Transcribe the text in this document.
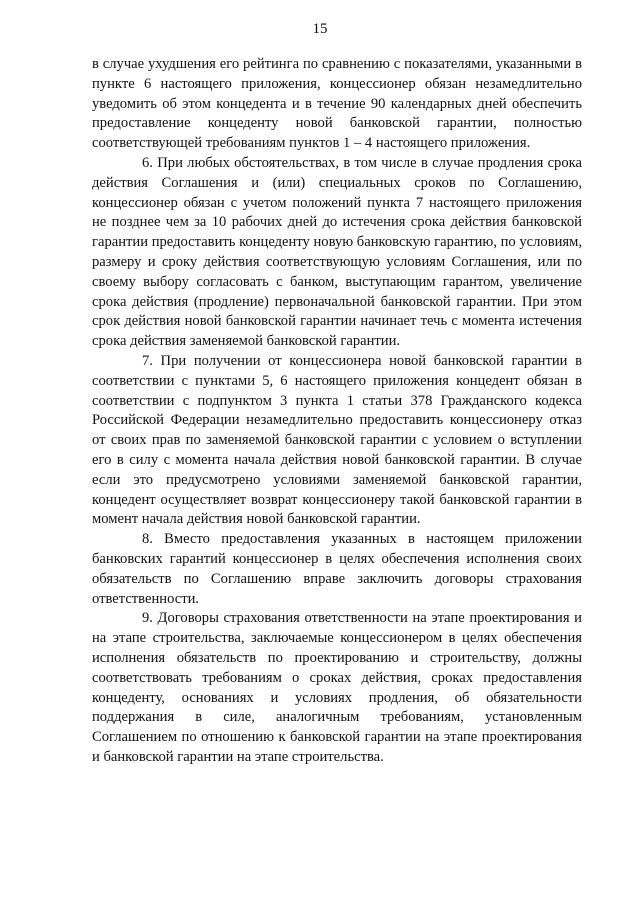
15

в случае ухудшения его рейтинга по сравнению с показателями, указанными в пункте 6 настоящего приложения, концессионер обязан незамедлительно уведомить об этом концедента и в течение 90 календарных дней обеспечить предоставление концеденту новой банковской гарантии, полностью соответствующей требованиям пунктов 1 – 4 настоящего приложения.

6. При любых обстоятельствах, в том числе в случае продления срока действия Соглашения и (или) специальных сроков по Соглашению, концессионер обязан с учетом положений пункта 7 настоящего приложения не позднее чем за 10 рабочих дней до истечения срока действия банковской гарантии предоставить концеденту новую банковскую гарантию, по условиям, размеру и сроку действия соответствующую условиям Соглашения, или по своему выбору согласовать с банком, выступающим гарантом, увеличение срока действия (продление) первоначальной банковской гарантии. При этом срок действия новой банковской гарантии начинает течь с момента истечения срока действия заменяемой банковской гарантии.

7. При получении от концессионера новой банковской гарантии в соответствии с пунктами 5, 6 настоящего приложения концедент обязан в соответствии с подпунктом 3 пункта 1 статьи 378 Гражданского кодекса Российской Федерации незамедлительно предоставить концессионеру отказ от своих прав по заменяемой банковской гарантии с условием о вступлении его в силу с момента начала действия новой банковской гарантии. В случае если это предусмотрено условиями заменяемой банковской гарантии, концедент осуществляет возврат концессионеру такой банковской гарантии в момент начала действия новой банковской гарантии.

8. Вместо предоставления указанных в настоящем приложении банковских гарантий концессионер в целях обеспечения исполнения своих обязательств по Соглашению вправе заключить договоры страхования ответственности.

9. Договоры страхования ответственности на этапе проектирования и на этапе строительства, заключаемые концессионером в целях обеспечения исполнения обязательств по проектированию и строительству, должны соответствовать требованиям о сроках действия, сроках предоставления концеденту, основаниях и условиях продления, об обязательности поддержания в силе, аналогичным требованиям, установленным Соглашением по отношению к банковской гарантии на этапе проектирования и банковской гарантии на этапе строительства.
